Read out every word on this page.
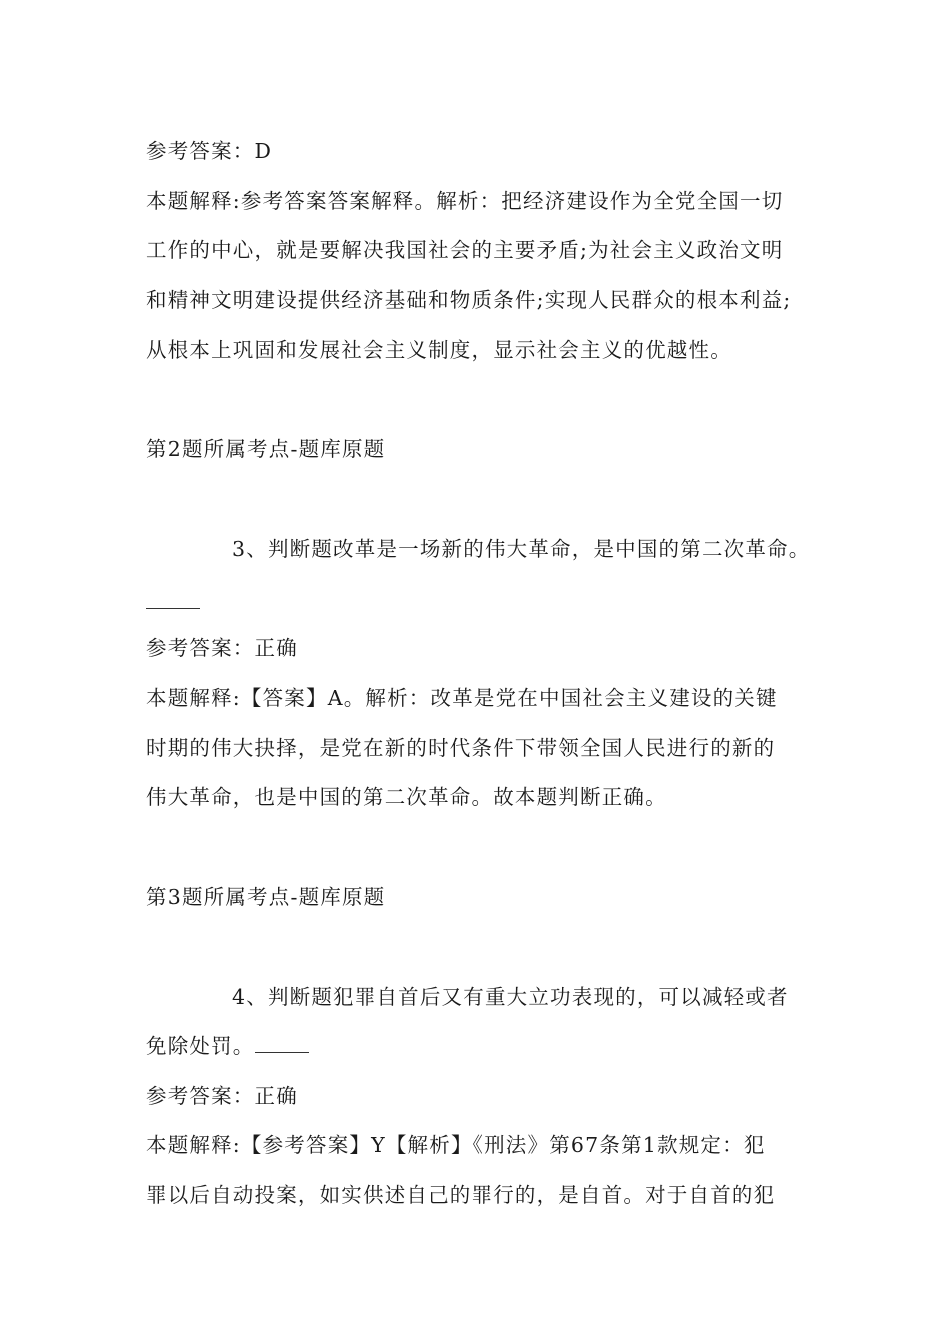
参考答案：D
本题解释:参考答案答案解释。解析：把经济建设作为全党全国一切
工作的中心，就是要解决我国社会的主要矛盾;为社会主义政治文明
和精神文明建设提供经济基础和物质条件;实现人民群众的根本利益;
从根本上巩固和发展社会主义制度，显示社会主义的优越性。
第2题所属考点-题库原题
3、判断题改革是一场新的伟大革命，是中国的第二次革命。
参考答案：正确
本题解释:【答案】A。解析：改革是党在中国社会主义建设的关键
时期的伟大抉择，是党在新的时代条件下带领全国人民进行的新的
伟大革命，也是中国的第二次革命。故本题判断正确。
第3题所属考点-题库原题
4、判断题犯罪自首后又有重大立功表现的，可以减轻或者
免除处罚。
参考答案：正确
本题解释:【参考答案】Y【解析】《刑法》第67条第1款规定：犯
罪以后自动投案，如实供述自己的罪行的，是自首。对于自首的犯
